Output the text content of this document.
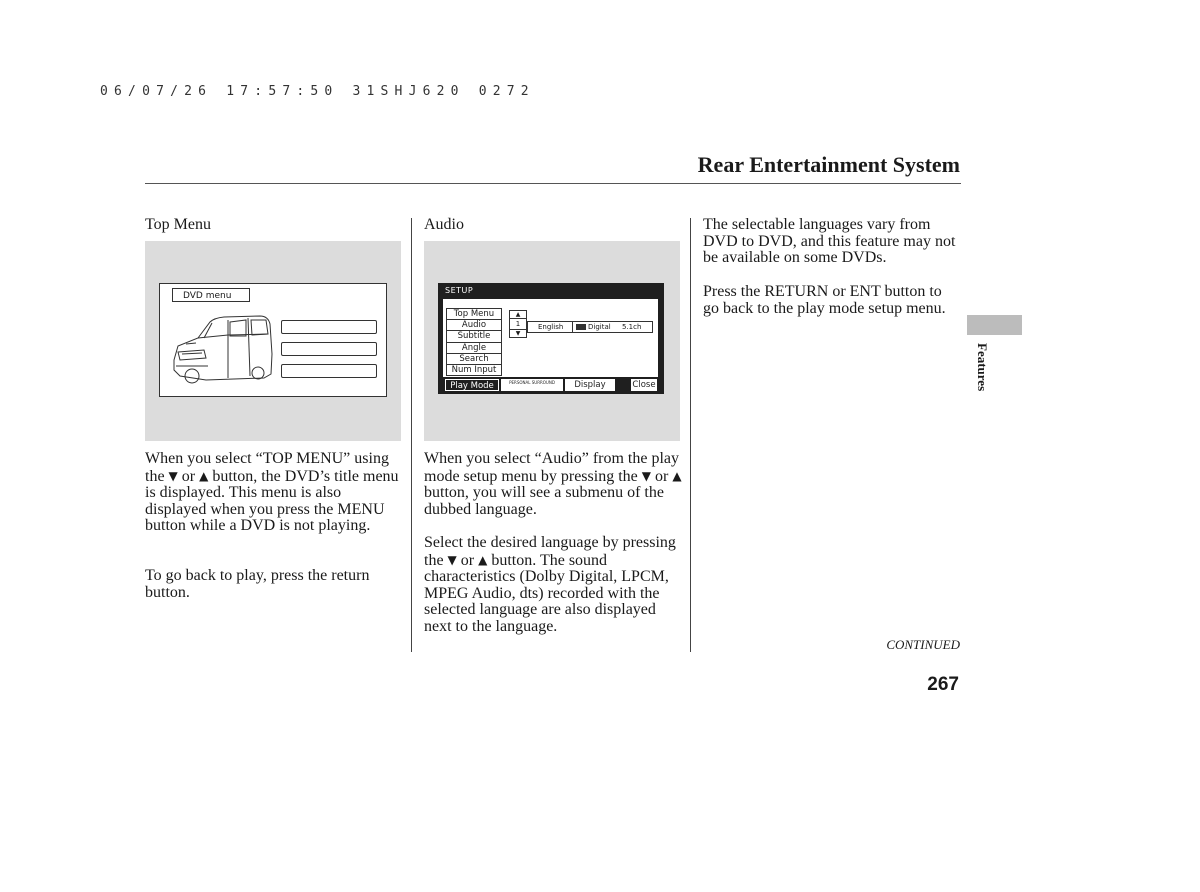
06/07/26 17:57:50 31SHJ620 0272
Rear Entertainment System
Top Menu
DVD menu
When you select “TOP MENU” using the ▼ or ▲ button, the DVD’s title menu is displayed. This menu is also displayed when you press the MENU button while a DVD is not playing.
To go back to play, press the return button.
Audio
SETUP
Top Menu
Audio
Subtitle
Angle
Search
Num Input
▲
1
▼
English	Digital 5.1ch
Play Mode	PERSONAL SURROUND	Display	Close
When you select “Audio” from the play mode setup menu by pressing the ▼ or ▲ button, you will see a submenu of the dubbed language.
Select the desired language by pressing the ▼ or ▲ button. The sound characteristics (Dolby Digital, LPCM, MPEG Audio, dts) recorded with the selected language are also displayed next to the language.
The selectable languages vary from DVD to DVD, and this feature may not be available on some DVDs.
Press the RETURN or ENT button to go back to the play mode setup menu.
Features
CONTINUED
267
